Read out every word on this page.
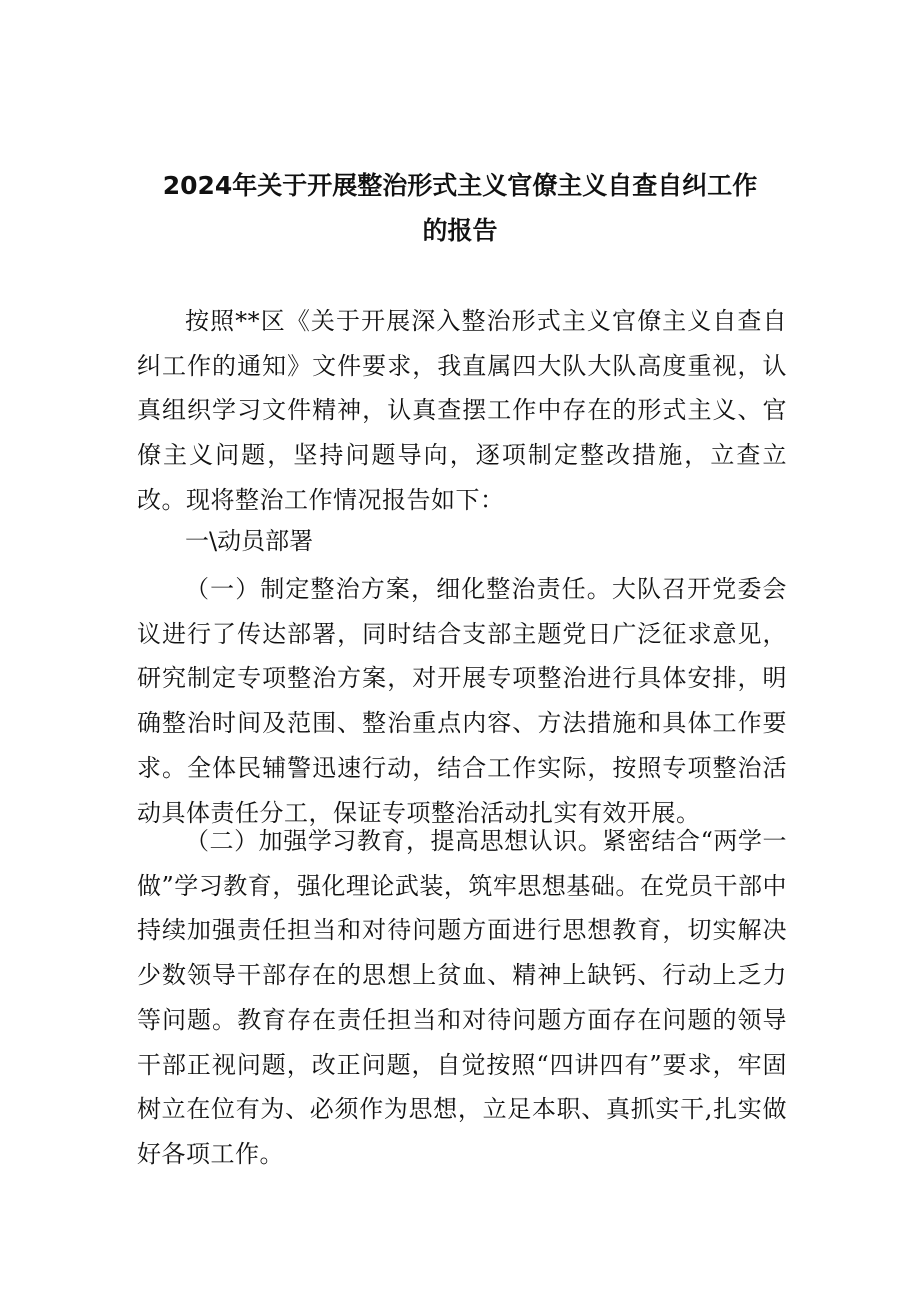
2024年关于开展整治形式主义官僚主义自查自纠工作
的报告

按照**区《关于开展深入整治形式主义官僚主义自查自纠工作的通知》文件要求，我直属四大队大队高度重视，认真组织学习文件精神，认真查摆工作中存在的形式主义、官僚主义问题，坚持问题导向，逐项制定整改措施，立查立改。现将整治工作情况报告如下：

一\动员部署

（一）制定整治方案，细化整治责任。大队召开党委会议进行了传达部署，同时结合支部主题党日广泛征求意见，研究制定专项整治方案，对开展专项整治进行具体安排，明确整治时间及范围、整治重点内容、方法措施和具体工作要求。全体民辅警迅速行动，结合工作实际，按照专项整治活动具体责任分工，保证专项整治活动扎实有效开展。

（二）加强学习教育，提高思想认识。紧密结合“两学一做”学习教育，强化理论武装，筑牢思想基础。在党员干部中持续加强责任担当和对待问题方面进行思想教育，切实解决少数领导干部存在的思想上贫血、精神上缺钙、行动上乏力等问题。教育存在责任担当和对待问题方面存在问题的领导干部正视问题，改正问题，自觉按照“四讲四有”要求，牢固树立在位有为、必须作为思想，立足本职、真抓实干,扎实做好各项工作。
